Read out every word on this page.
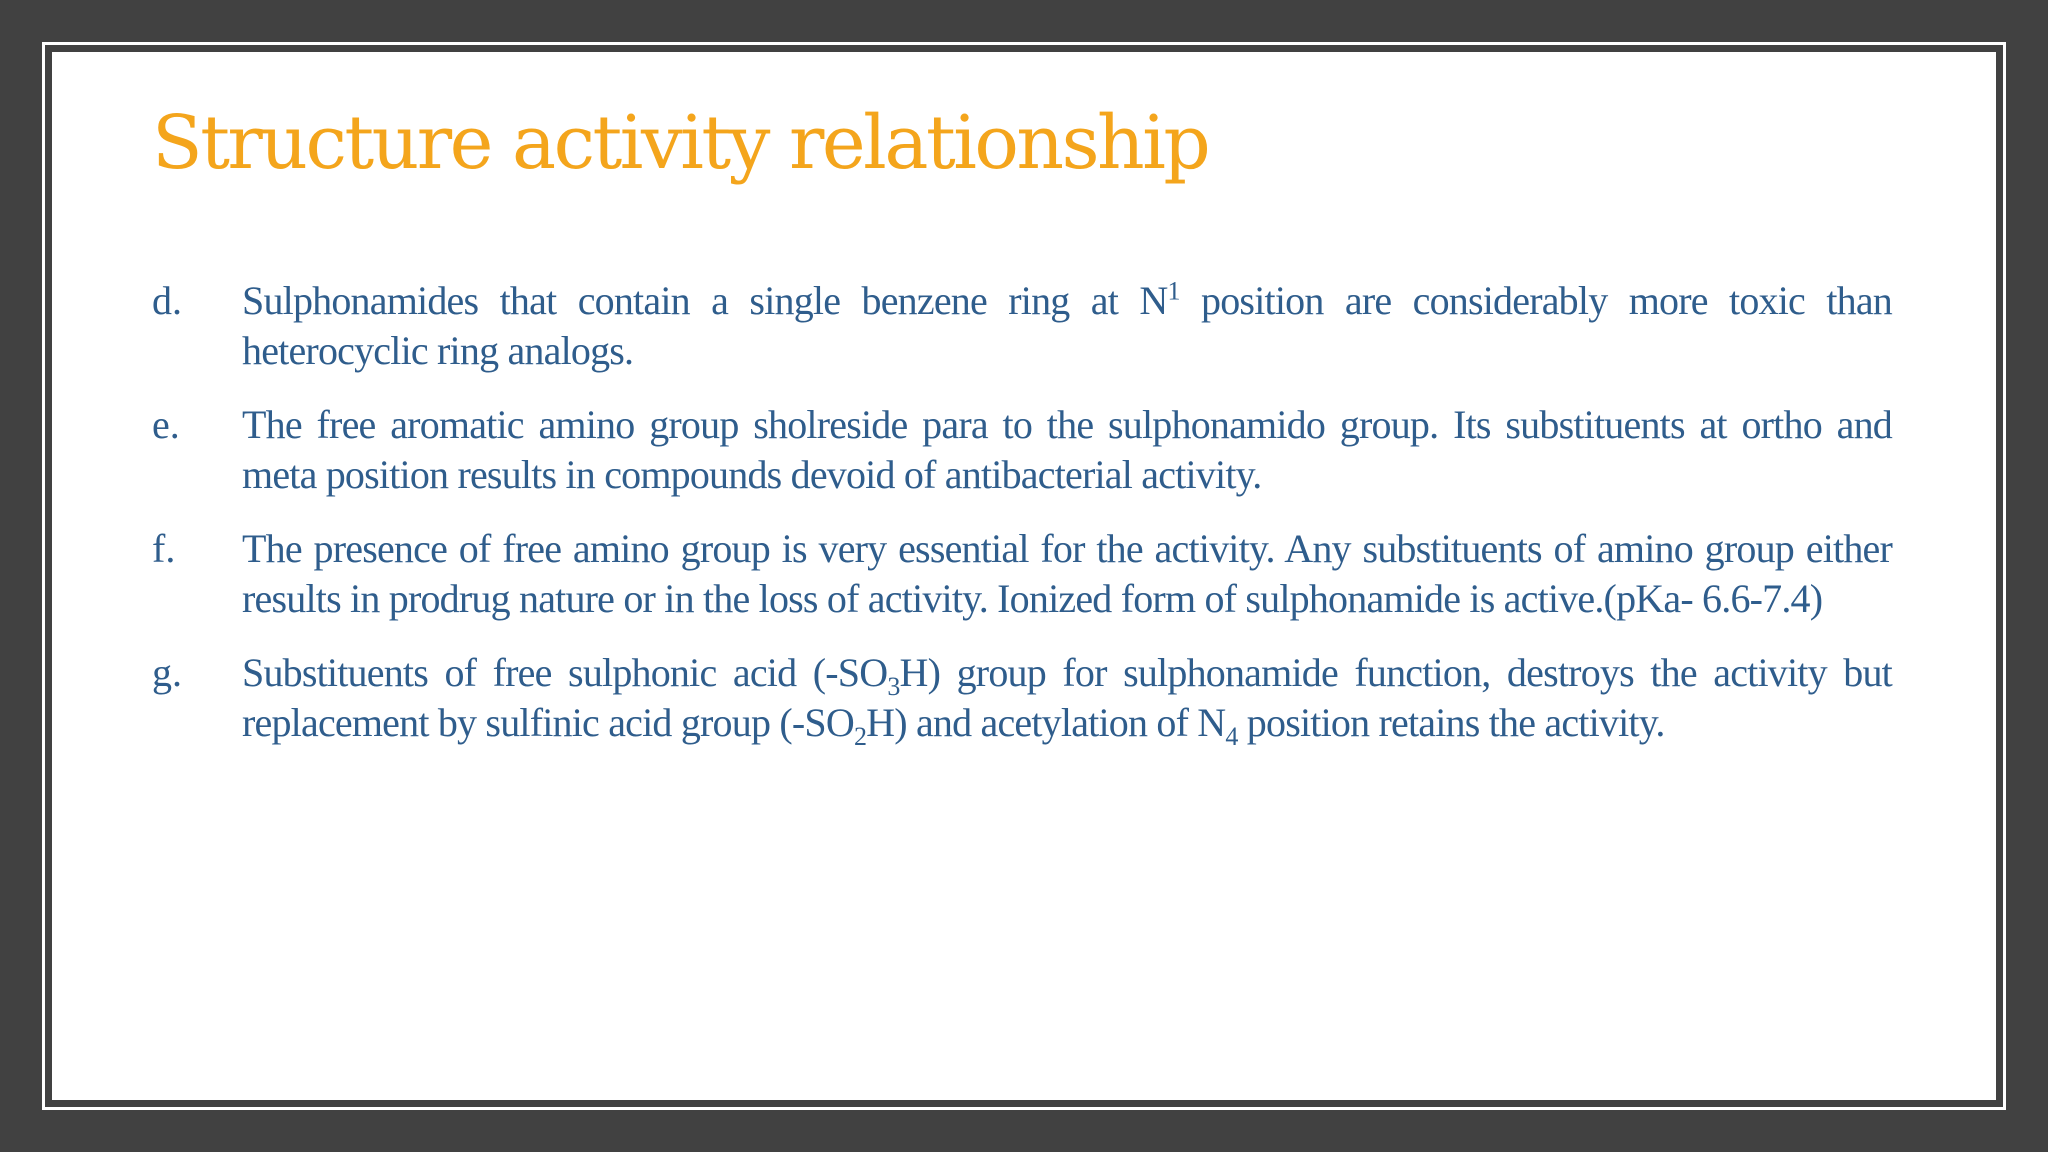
Structure activity relationship
d.	Sulphonamides that contain a single benzene ring at $N^1$ position are considerably more toxic than heterocyclic ring analogs.
e.	The free aromatic amino group sholreside para to the sulphonamido group. Its substituents at ortho and meta position results in compounds devoid of antibacterial activity.
f.	The presence of free amino group is very essential for the activity. Any substituents of amino group either results in prodrug nature or in the loss of activity. Ionized form of sulphonamide is active.(pKa- 6.6-7.4)
g.	Substituents of free sulphonic acid $(-SO_3H)$ group for sulphonamide function, destroys the activity but replacement by sulfinic acid group $(-SO_2H)$ and acetylation of $N_4$ position retains the activity.
